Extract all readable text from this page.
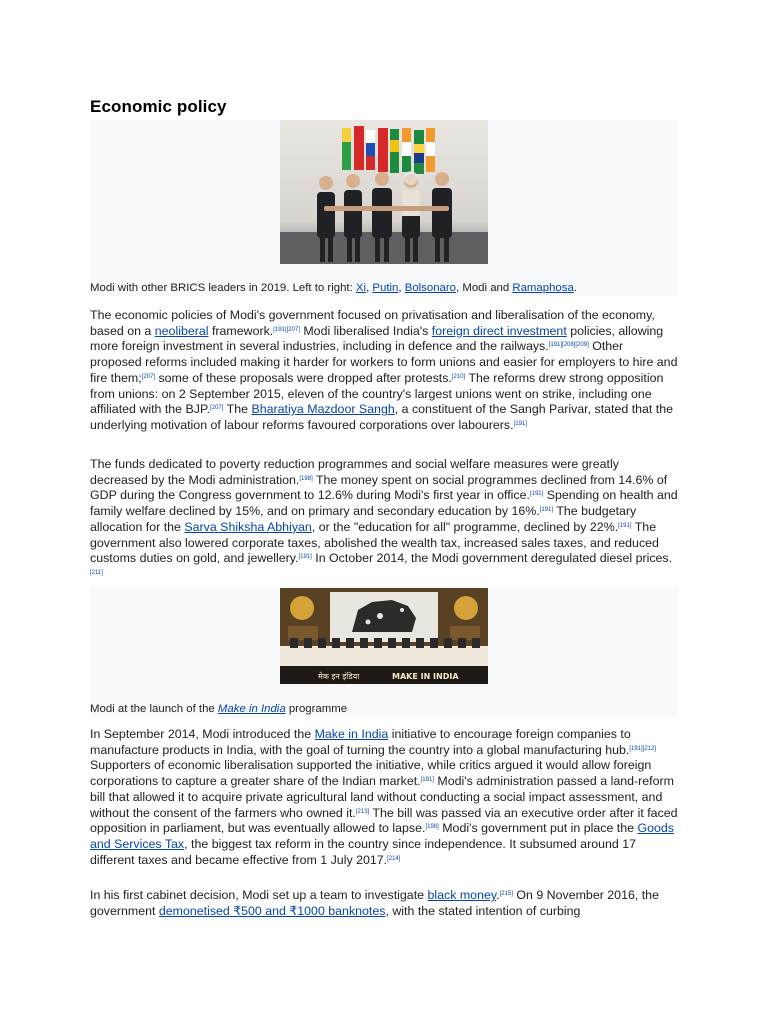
Economic policy
Modi with other BRICS leaders in 2019. Left to right: Xi, Putin, Bolsonaro, Modi and Ramaphosa.

The economic policies of Modi's government focused on privatisation and liberalisation of the economy, based on a neoliberal framework.[191][207] Modi liberalised India's foreign direct investment policies, allowing more foreign investment in several industries, including in defence and the railways.[191][208][209] Other proposed reforms included making it harder for workers to form unions and easier for employers to hire and fire them;[207] some of these proposals were dropped after protests.[210] The reforms drew strong opposition from unions: on 2 September 2015, eleven of the country's largest unions went on strike, including one affiliated with the BJP.[207] The Bharatiya Mazdoor Sangh, a constituent of the Sangh Parivar, stated that the underlying motivation of labour reforms favoured corporations over labourers.[191]

The funds dedicated to poverty reduction programmes and social welfare measures were greatly decreased by the Modi administration.[198] The money spent on social programmes declined from 14.6% of GDP during the Congress government to 12.6% during Modi's first year in office.[191] Spending on health and family welfare declined by 15%, and on primary and secondary education by 16%.[191] The budgetary allocation for the Sarva Shiksha Abhiyan, or the "education for all" programme, declined by 22%.[191] The government also lowered corporate taxes, abolished the wealth tax, increased sales taxes, and reduced customs duties on gold, and jewellery.[191] In October 2014, the Modi government deregulated diesel prices.[211]

मेक इन इंडिया	MAKE IN INDIA
Modi at the launch of the Make in India programme

In September 2014, Modi introduced the Make in India initiative to encourage foreign companies to manufacture products in India, with the goal of turning the country into a global manufacturing hub.[191][212] Supporters of economic liberalisation supported the initiative, while critics argued it would allow foreign corporations to capture a greater share of the Indian market.[191] Modi's administration passed a land-reform bill that allowed it to acquire private agricultural land without conducting a social impact assessment, and without the consent of the farmers who owned it.[213] The bill was passed via an executive order after it faced opposition in parliament, but was eventually allowed to lapse.[198] Modi's government put in place the Goods and Services Tax, the biggest tax reform in the country since independence. It subsumed around 17 different taxes and became effective from 1 July 2017.[214]

In his first cabinet decision, Modi set up a team to investigate black money.[215] On 9 November 2016, the government demonetised ₹500 and ₹1000 banknotes, with the stated intention of curbing
